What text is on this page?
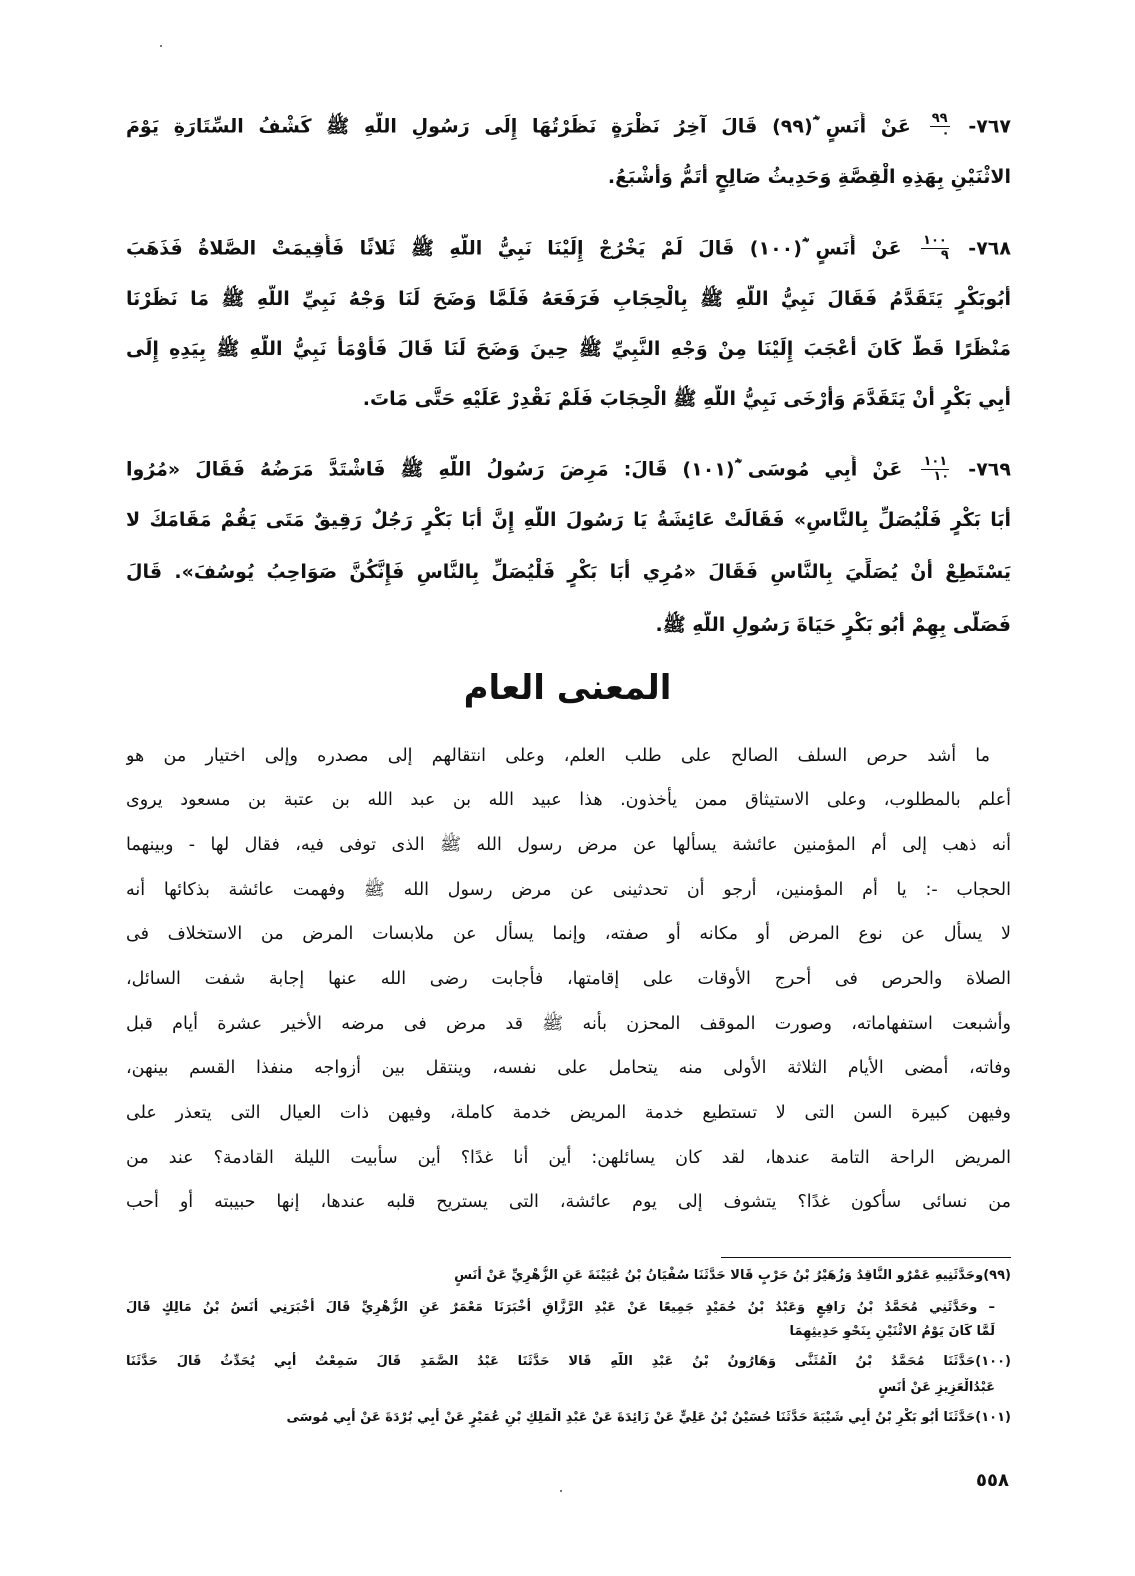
٧٦٧-
$\frac{٩٩}{٠}$
عَنْ أَنَسٍ ؓ(٩٩) قَالَ آخِرُ نَظْرَةٍ نَظَرْتُهَا إِلَى رَسُولِ اللَّهِ ﷺ كَشْفُ السِّتَارَةِ يَوْمَ
الاثْنَيْنِ بِهَذِهِ الْقِصَّةِ وَحَدِيثُ صَالِحٍ أَتَمُّ وَأَشْبَعُ.
٧٦٨-
$\frac{١٠٠}{٩}$
عَنْ أَنَسٍ ؓ(١٠٠) قَالَ لَمْ يَخْرُجْ إِلَيْنَا نَبِيُّ اللَّهِ ﷺ ثَلاثًا فَأُقِيمَتْ الصَّلاةُ فَذَهَبَ
أَبُوبَكْرٍ يَتَقَدَّمُ فَقَالَ نَبِيُّ اللَّهِ ﷺ بِالْحِجَابِ فَرَفَعَهُ فَلَمَّا وَضَحَ لَنَا وَجْهُ نَبِيِّ اللَّهِ ﷺ مَا نَظَرْنَا
مَنْظَرًا قَطُّ كَانَ أَعْجَبَ إِلَيْنَا مِنْ وَجْهِ النَّبِيِّ ﷺ حِينَ وَضَحَ لَنَا قَالَ فَأَوْمَأَ نَبِيُّ اللَّهِ ﷺ بِيَدِهِ إِلَى
أَبِي بَكْرٍ أَنْ يَتَقَدَّمَ وَأَرْخَى نَبِيُّ اللَّهِ ﷺ الْحِجَابَ فَلَمْ نَقْدِرْ عَلَيْهِ حَتَّى مَاتَ.
٧٦٩-
$\frac{١٠١}{١٠}$
عَنْ أَبِي مُوسَى ؓ(١٠١) قَالَ: مَرِضَ رَسُولُ اللَّهِ ﷺ فَاشْتَدَّ مَرَضُهُ فَقَالَ «مُرُوا
أَبَا بَكْرٍ فَلْيُصَلِّ بِالنَّاسِ» فَقَالَتْ عَائِشَةُ يَا رَسُولَ اللَّهِ إِنَّ أَبَا بَكْرٍ رَجُلٌ رَقِيقٌ مَتَى يَقُمْ مَقَامَكَ لا
يَسْتَطِعْ أَنْ يُصَلِّيَ بِالنَّاسِ فَقَالَ «مُرِي أَبَا بَكْرٍ فَلْيُصَلِّ بِالنَّاسِ فَإِنَّكُنَّ صَوَاحِبُ يُوسُفَ». قَالَ
فَصَلَّى بِهِمْ أَبُو بَكْرٍ حَيَاةَ رَسُولِ اللَّهِ ﷺ.
المعنى العام
ما أشد حرص السلف الصالح على طلب العلم، وعلى انتقالهم إلى مصدره وإلى اختيار من هو
أعلم بالمطلوب، وعلى الاستيثاق ممن يأخذون. هذا عبيد الله بن عبد الله بن عتبة بن مسعود يروى
أنه ذهب إلى أم المؤمنين عائشة يسألها عن مرض رسول الله ﷺ الذى توفى فيه، فقال لها - وبينهما
الحجاب -: يا أم المؤمنين، أرجو أن تحدثينى عن مرض رسول الله ﷺ وفهمت عائشة بذكائها أنه
لا يسأل عن نوع المرض أو مكانه أو صفته، وإنما يسأل عن ملابسات المرض من الاستخلاف فى
الصلاة والحرص فى أحرج الأوقات على إقامتها، فأجابت رضى الله عنها إجابة شفت السائل،
وأشبعت استفهاماته، وصورت الموقف المحزن بأنه ﷺ قد مرض فى مرضه الأخير عشرة أيام قبل
وفاته، أمضى الأيام الثلاثة الأولى منه يتحامل على نفسه، وينتقل بين أزواجه منفذا القسم بينهن،
وفيهن كبيرة السن التى لا تستطيع خدمة المريض خدمة كاملة، وفيهن ذات العيال التى يتعذر على
المريض الراحة التامة عندها، لقد كان يسائلهن: أين أنا غدًا؟ أين سأبيت الليلة القادمة؟ عند من
من نسائى سأكون غدًا؟ يتشوف إلى يوم عائشة، التى يستريح قلبه عندها، إنها حبيبته أو أحب
(٩٩)وحَدَّثَنِيهِ عَمْرٌو النَّاقِدُ وَزُهَيْرُ بْنُ حَرْبٍ قَالا حَدَّثَنَا سُفْيَانُ بْنُ عُيَيْنَةَ عَنِ الزُّهْرِيِّ عَنْ أَنَسٍ
– وحَدَّثَنِي مُحَمَّدُ بْنُ رَافِعٍ وَعَبْدُ بْنُ حُمَيْدٍ جَمِيعًا عَنْ عَبْدِ الرَّزَّاقِ أَخْبَرَنَا مَعْمَرٌ عَنِ الزُّهْرِيِّ قَالَ أَخْبَرَنِي أَنَسُ بْنُ مَالِكٍ قَالَ
لَمَّا كَانَ يَوْمُ الاثْنَيْنِ بِنَحْوِ حَدِيثِهِمَا
(١٠٠)حَدَّثَنَا مُحَمَّدُ بْنُ الْمُثَنَّى وَهَارُونُ بْنُ عَبْدِ اللَّهِ قَالا حَدَّثَنَا عَبْدُ الصَّمَدِ قَالَ سَمِعْتُ أَبِي يُحَدِّثُ قَالَ حَدَّثَنَا
عَبْدُالْعَزِيزِ عَنْ أَنَسٍ
(١٠١)حَدَّثَنَا أَبُو بَكْرِ بْنُ أَبِي شَيْبَةَ حَدَّثَنَا حُسَيْنُ بْنُ عَلِيٍّ عَنْ زَائِدَةَ عَنْ عَبْدِ الْمَلِكِ بْنِ عُمَيْرٍ عَنْ أَبِي بُرْدَةَ عَنْ أَبِي مُوسَى
٥٥٨
